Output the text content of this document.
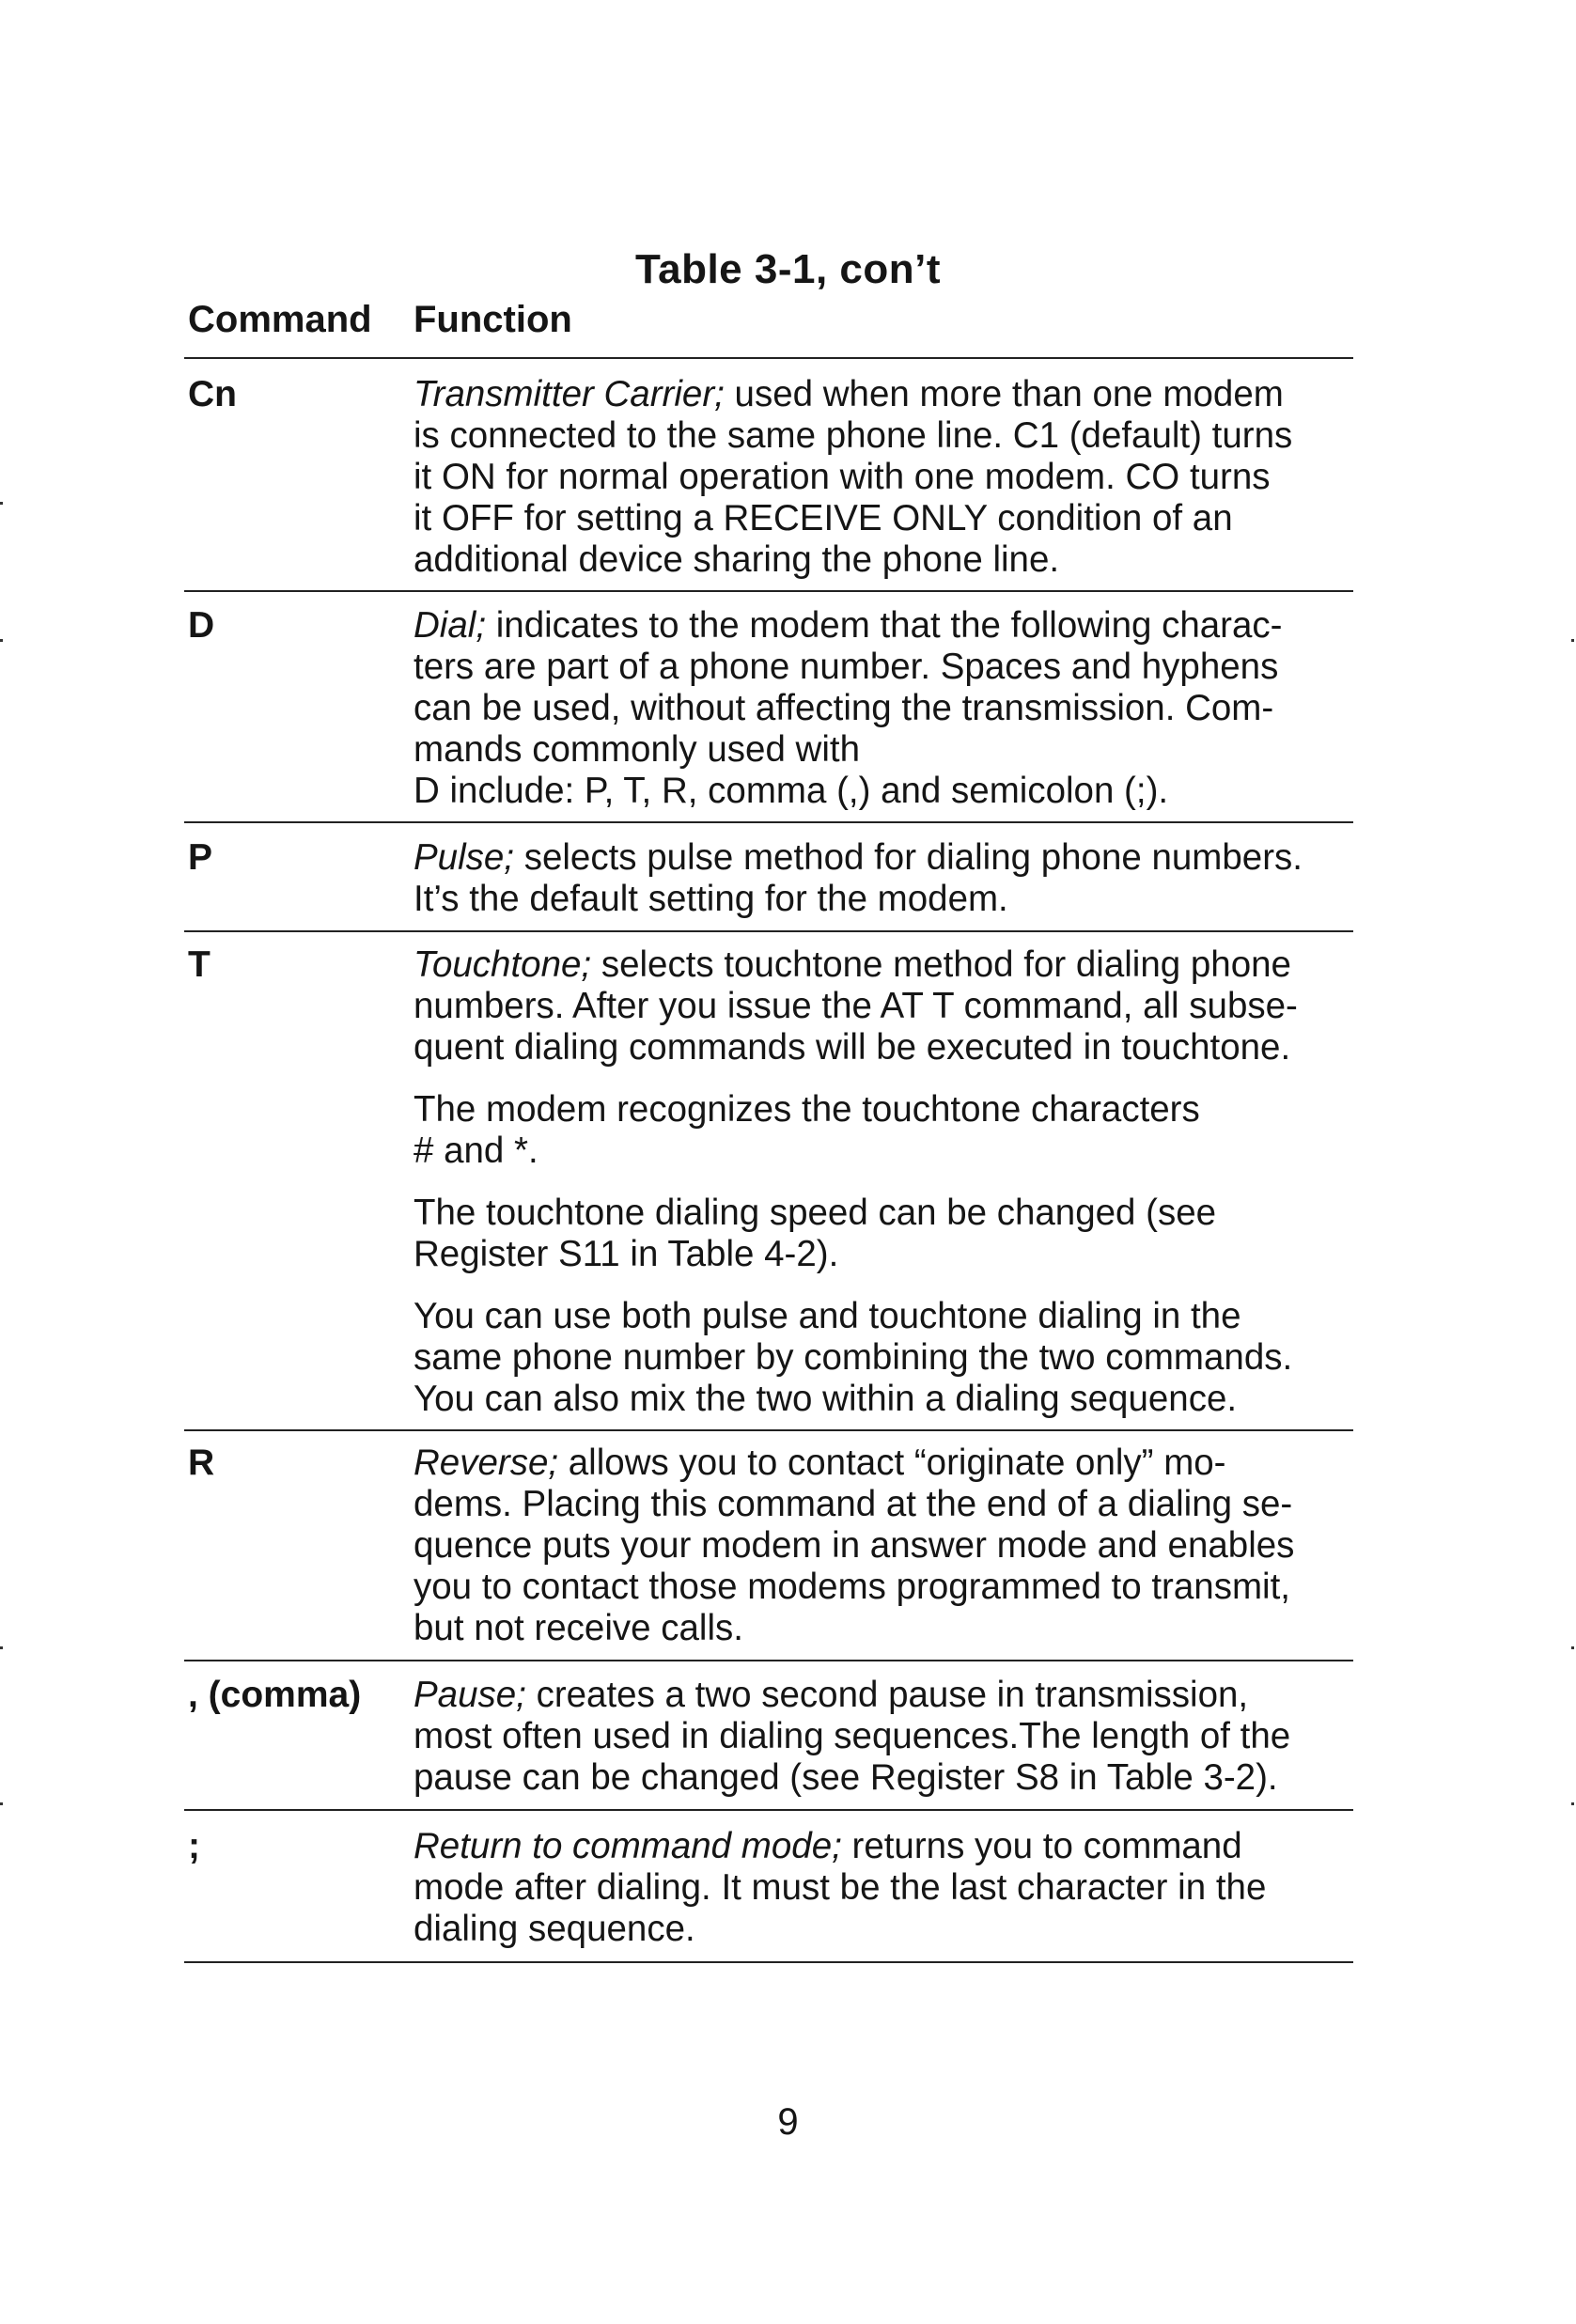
Table 3-1, con’t
Command Function
Cn	Transmitter Carrier; used when more than one modem
is connected to the same phone line. C1 (default) turns
it ON for normal operation with one modem. CO turns
it OFF for setting a RECEIVE ONLY condition of an
additional device sharing the phone line.

D	Dial; indicates to the modem that the following charac-
ters are part of a phone number. Spaces and hyphens
can be used, without affecting the transmission. Com-
mands commonly used with
D include: P, T, R, comma (,) and semicolon (;).

P	Pulse; selects pulse method for dialing phone numbers.
It’s the default setting for the modem.

T	Touchtone; selects touchtone method for dialing phone
numbers. After you issue the AT T command, all subse-
quent dialing commands will be executed in touchtone.

The modem recognizes the touchtone characters
# and *.

The touchtone dialing speed can be changed (see
Register S11 in Table 4-2).

You can use both pulse and touchtone dialing in the
same phone number by combining the two commands.
You can also mix the two within a dialing sequence.

R	Reverse; allows you to contact “originate only” mo-
dems. Placing this command at the end of a dialing se-
quence puts your modem in answer mode and enables
you to contact those modems programmed to transmit,
but not receive calls.

, (comma) Pause; creates a two second pause in transmission,
most often used in dialing sequences.The length of the
pause can be changed (see Register S8 in Table 3-2).

;	Return to command mode; returns you to command
mode after dialing. It must be the last character in the
dialing sequence.

9
